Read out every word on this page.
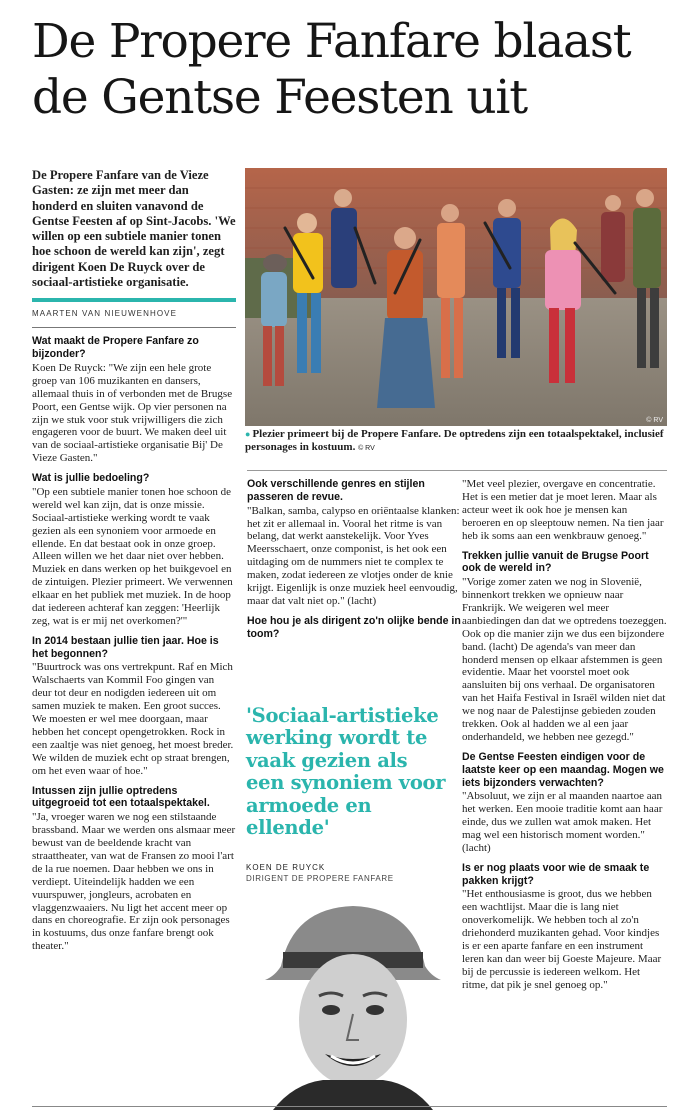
De Propere Fanfare blaast de Gentse Feesten uit
De Propere Fanfare van de Vieze Gasten: ze zijn met meer dan honderd en sluiten vanavond de Gentse Feesten af op Sint-Jacobs. 'We willen op een subtiele manier tonen hoe schoon de wereld kan zijn', zegt dirigent Koen De Ruyck over de sociaal-artistieke organisatie.
MAARTEN VAN NIEUWENHOVE
Wat maakt de Propere Fanfare zo bijzonder?
Koen De Ruyck: "We zijn een hele grote groep van 106 muzikanten en dansers, allemaal thuis in of verbonden met de Brugse Poort, een Gentse wijk. Op vier personen na zijn we stuk voor stuk vrijwilligers die zich engageren voor de buurt. We maken deel uit van de sociaal-artistieke organisatie Bij' De Vieze Gasten."
Wat is jullie bedoeling?
"Op een subtiele manier tonen hoe schoon de wereld wel kan zijn, dat is onze missie. Sociaal-artistieke werking wordt te vaak gezien als een synoniem voor armoede en ellende. En dat bestaat ook in onze groep. Alleen willen we het daar niet over hebben. Muziek en dans werken op het buikgevoel en de zintuigen. Plezier primeert. We verwennen elkaar en het publiek met muziek. In de hoop dat iedereen achteraf kan zeggen: 'Heerlijk zeg, wat is er mij net overkomen?'"
In 2014 bestaan jullie tien jaar. Hoe is het begonnen?
"Buurtrock was ons vertrekpunt. Raf en Mich Walschaerts van Kommil Foo gingen van deur tot deur en nodigden iedereen uit om samen muziek te maken. Een groot succes. We moesten er wel mee doorgaan, maar hebben het concept opengetrokken. Rock in een zaaltje was niet genoeg, het moest breder. We wilden de muziek echt op straat brengen, om het even waar of hoe."
Intussen zijn jullie optredens uitgegroeid tot een totaalspektakel.
"Ja, vroeger waren we nog een stilstaande brassband. Maar we werden ons alsmaar meer bewust van de beeldende kracht van straattheater, van wat de Fransen zo mooi l'art de la rue noemen. Daar hebben we ons in verdiept. Uiteindelijk hadden we een vuurspuwer, jongleurs, acrobaten en vlaggenzwaaiers. Nu ligt het accent meer op dans en choreografie. Er zijn ook personages in kostuums, dus onze fanfare brengt ook theater."
© RV
● Plezier primeert bij de Propere Fanfare. De optredens zijn een totaalspektakel, inclusief personages in kostuum. © RV
Ook verschillende genres en stijlen passeren de revue.
"Balkan, samba, calypso en oriëntaalse klanken: het zit er allemaal in. Vooral het ritme is van belang, dat werkt aanstekelijk. Voor Yves Meersschaert, onze componist, is het ook een uitdaging om de nummers niet te complex te maken, zodat iedereen ze vlotjes onder de knie krijgt. Eigenlijk is onze muziek heel eenvoudig, maar dat valt niet op." (lacht)
Hoe hou je als dirigent zo'n olijke bende in toom?
'Sociaal-artistieke werking wordt te vaak gezien als een synoniem voor armoede en ellende'
KOEN DE RUYCK
DIRIGENT DE PROPERE FANFARE
"Met veel plezier, overgave en concentratie. Het is een metier dat je moet leren. Maar als acteur weet ik ook hoe je mensen kan beroeren en op sleeptouw nemen. Na tien jaar heb ik soms aan een wenkbrauw genoeg."
Trekken jullie vanuit de Brugse Poort ook de wereld in?
"Vorige zomer zaten we nog in Slovenië, binnenkort trekken we opnieuw naar Frankrijk. We weigeren wel meer aanbiedingen dan dat we optredens toezeggen. Ook op die manier zijn we dus een bijzondere band. (lacht) De agenda's van meer dan honderd mensen op elkaar afstemmen is geen evidentie. Maar het voorstel moet ook aansluiten bij ons verhaal. De organisatoren van het Haifa Festival in Israël wilden niet dat we nog naar de Palestijnse gebieden zouden trekken. Ook al hadden we al een jaar onderhandeld, we hebben nee gezegd."
De Gentse Feesten eindigen voor de laatste keer op een maandag. Mogen we iets bijzonders verwachten?
"Absoluut, we zijn er al maanden naartoe aan het werken. Een mooie traditie komt aan haar einde, dus we zullen wat amok maken. Het mag wel een historisch moment worden." (lacht)
Is er nog plaats voor wie de smaak te pakken krijgt?
"Het enthousiasme is groot, dus we hebben een wachtlijst. Maar die is lang niet onoverkomelijk. We hebben toch al zo'n driehonderd muzikanten gehad. Voor kindjes is er een aparte fanfare en een instrument leren kan dan weer bij Goeste Majeure. Maar bij de percussie is iedereen welkom. Het ritme, dat pik je snel genoeg op."
